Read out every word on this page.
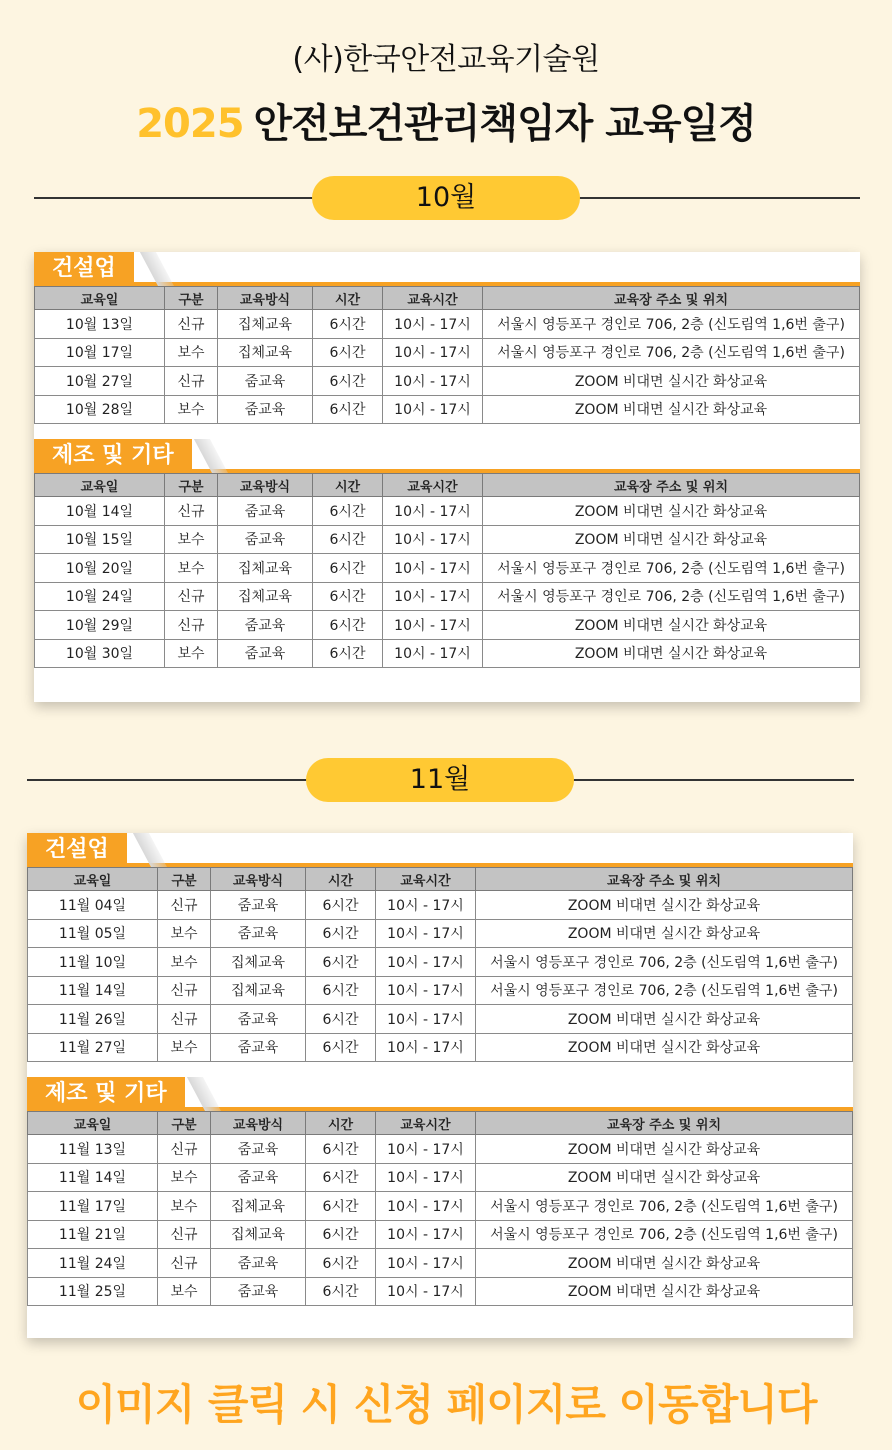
(사)한국안전교육기술원
2025 안전보건관리책임자 교육일정
10월
건설업
교육일	구분	교육방식	시간	교육시간	교육장 주소 및 위치
10월 13일	신규	집체교육	6시간	10시 - 17시	서울시 영등포구 경인로 706, 2층 (신도림역 1,6번 출구)
10월 17일	보수	집체교육	6시간	10시 - 17시	서울시 영등포구 경인로 706, 2층 (신도림역 1,6번 출구)
10월 27일	신규	줌교육	6시간	10시 - 17시	ZOOM 비대면 실시간 화상교육
10월 28일	보수	줌교육	6시간	10시 - 17시	ZOOM 비대면 실시간 화상교육
제조 및 기타
교육일	구분	교육방식	시간	교육시간	교육장 주소 및 위치
10월 14일	신규	줌교육	6시간	10시 - 17시	ZOOM 비대면 실시간 화상교육
10월 15일	보수	줌교육	6시간	10시 - 17시	ZOOM 비대면 실시간 화상교육
10월 20일	보수	집체교육	6시간	10시 - 17시	서울시 영등포구 경인로 706, 2층 (신도림역 1,6번 출구)
10월 24일	신규	집체교육	6시간	10시 - 17시	서울시 영등포구 경인로 706, 2층 (신도림역 1,6번 출구)
10월 29일	신규	줌교육	6시간	10시 - 17시	ZOOM 비대면 실시간 화상교육
10월 30일	보수	줌교육	6시간	10시 - 17시	ZOOM 비대면 실시간 화상교육
11월
건설업
교육일	구분	교육방식	시간	교육시간	교육장 주소 및 위치
11월 04일	신규	줌교육	6시간	10시 - 17시	ZOOM 비대면 실시간 화상교육
11월 05일	보수	줌교육	6시간	10시 - 17시	ZOOM 비대면 실시간 화상교육
11월 10일	보수	집체교육	6시간	10시 - 17시	서울시 영등포구 경인로 706, 2층 (신도림역 1,6번 출구)
11월 14일	신규	집체교육	6시간	10시 - 17시	서울시 영등포구 경인로 706, 2층 (신도림역 1,6번 출구)
11월 26일	신규	줌교육	6시간	10시 - 17시	ZOOM 비대면 실시간 화상교육
11월 27일	보수	줌교육	6시간	10시 - 17시	ZOOM 비대면 실시간 화상교육
제조 및 기타
교육일	구분	교육방식	시간	교육시간	교육장 주소 및 위치
11월 13일	신규	줌교육	6시간	10시 - 17시	ZOOM 비대면 실시간 화상교육
11월 14일	보수	줌교육	6시간	10시 - 17시	ZOOM 비대면 실시간 화상교육
11월 17일	보수	집체교육	6시간	10시 - 17시	서울시 영등포구 경인로 706, 2층 (신도림역 1,6번 출구)
11월 21일	신규	집체교육	6시간	10시 - 17시	서울시 영등포구 경인로 706, 2층 (신도림역 1,6번 출구)
11월 24일	신규	줌교육	6시간	10시 - 17시	ZOOM 비대면 실시간 화상교육
11월 25일	보수	줌교육	6시간	10시 - 17시	ZOOM 비대면 실시간 화상교육
이미지 클릭 시 신청 페이지로 이동합니다
